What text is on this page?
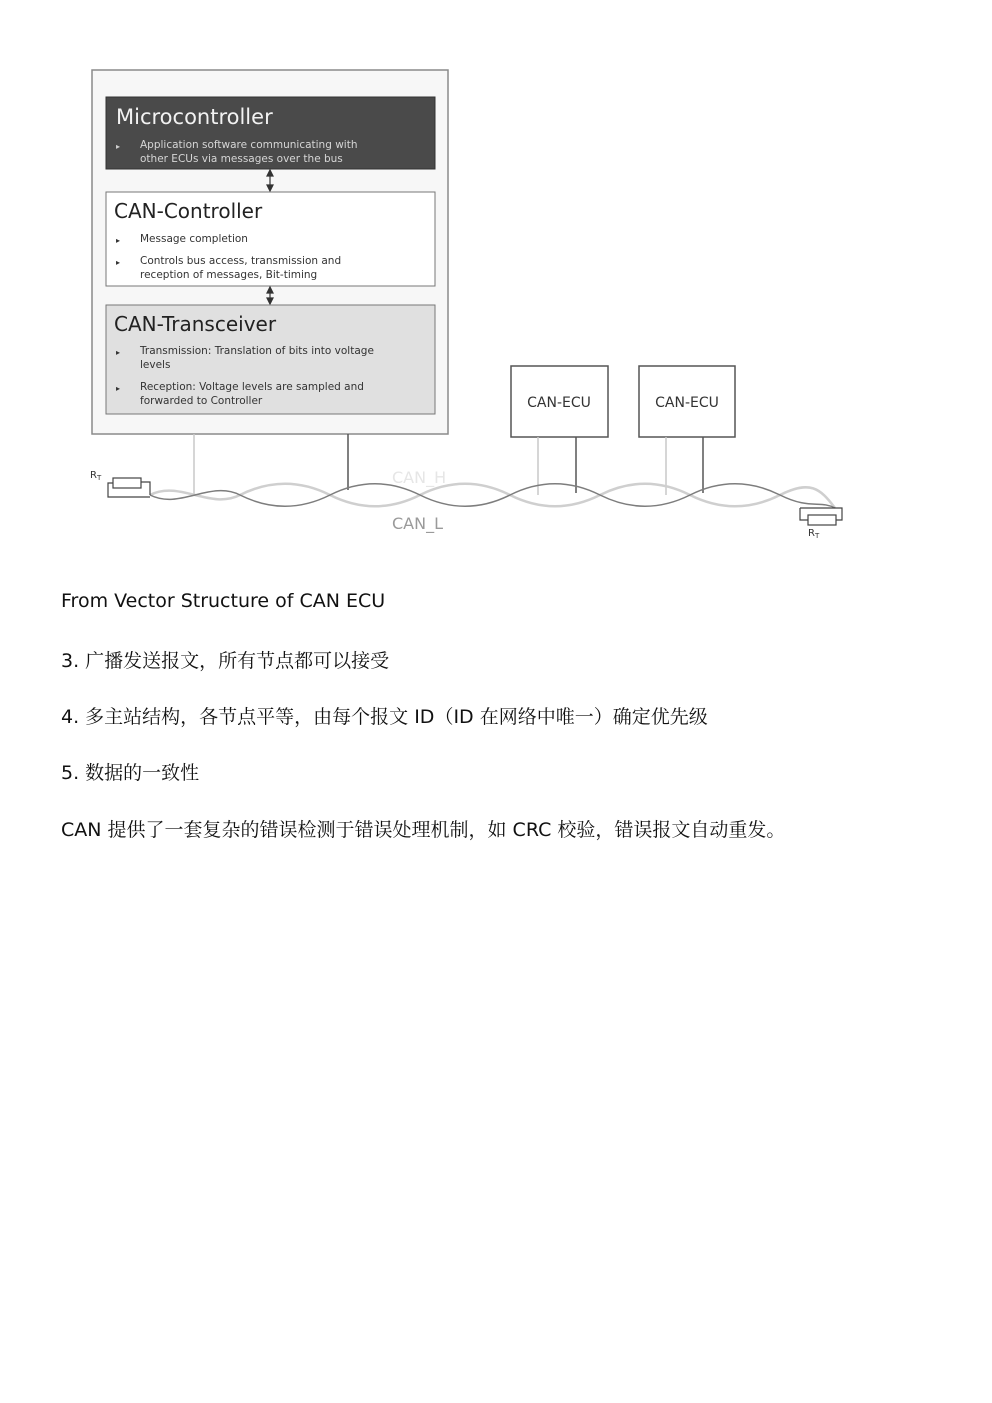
Microcontroller
▸ Application software communicating with
other ECUs via messages over the bus
CAN-Controller
▸ Message completion
▸ Controls bus access, transmission and
reception of messages, Bit-timing
CAN-Transceiver
▸ Transmission: Translation of bits into voltage
levels
▸ Reception: Voltage levels are sampled and
forwarded to Controller	CAN-ECU	CAN-ECU
CAN_H
CAN_L
$R_T$
$R_T$

From Vector Structure of CAN ECU

3. 广播发送报文，所有节点都可以接受

4. 多主站结构，各节点平等，由每个报文 ID（ID 在网络中唯一）确定优先级

5. 数据的一致性

CAN 提供了一套复杂的错误检测于错误处理机制，如 CRC 校验，错误报文自动重发。
